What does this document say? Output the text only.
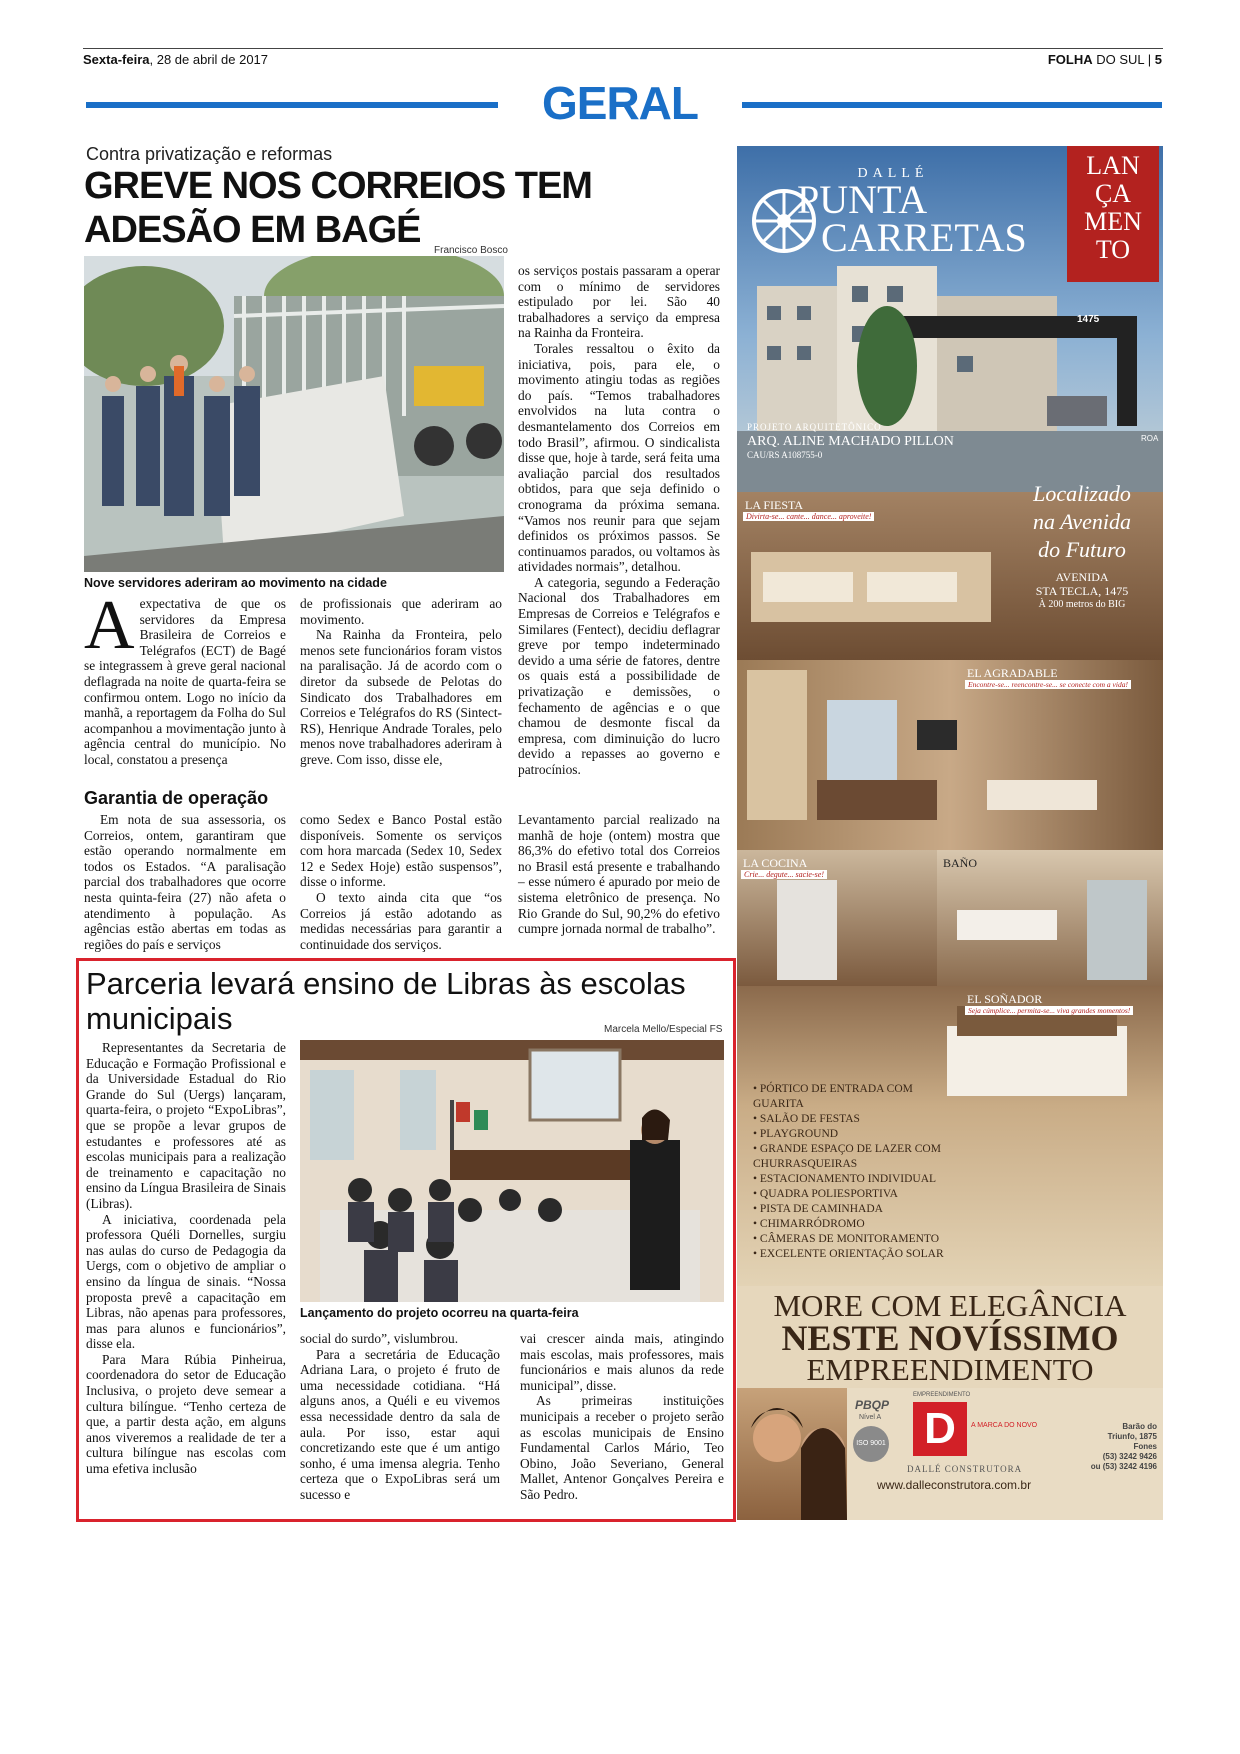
Sexta-feira, 28 de abril de 2017	FOLHA DO SUL | 5
GERAL
Contra privatização e reformas
GREVE NOS CORREIOS TEM ADESÃO EM BAGÉ	Francisco Bosco
Nove servidores aderiram ao movimento na cidade
Aexpectativa de que os servidores da Empresa Brasileira de Correios e Telégrafos (ECT) de Bagé se integrassem à greve geral nacional deflagrada na noite de quarta-feira se confirmou ontem. Logo no início da manhã, a reportagem da Folha do Sul acompanhou a movimentação junto à agência central do município. No local, constatou a presença
Garantia de operação

Em nota de sua assessoria, os Correios, ontem, garantiram que estão operando normalmente em todos os Estados. “A paralisação parcial dos trabalhadores que ocorre nesta quinta-feira (27) não afeta o atendimento à população. As agências estão abertas em todas as regiões do país e serviços

de profissionais que aderiram ao movimento.

Na Rainha da Fronteira, pelo menos sete funcionários foram vistos na paralisação. Já de acordo com o diretor da subsede de Pelotas do Sindicato dos Trabalhadores em Correios e Telégrafos do RS (Sintect-RS), Henrique Andrade Torales, pelo menos nove trabalhadores aderiram à greve. Com isso, disse ele,

como Sedex e Banco Postal estão disponíveis. Somente os serviços com hora marcada (Sedex 10, Sedex 12 e Sedex Hoje) estão suspensos”, disse o informe.

O texto ainda cita que “os Correios já estão adotando as medidas necessárias para garantir a continuidade dos serviços.

os serviços postais passaram a operar com o mínimo de servidores estipulado por lei. São 40 trabalhadores a serviço da empresa na Rainha da Fronteira.

Torales ressaltou o êxito da iniciativa, pois, para ele, o movimento atingiu todas as regiões do país. “Temos trabalhadores envolvidos na luta contra o desmantelamento dos Correios em todo Brasil”, afirmou. O sindicalista disse que, hoje à tarde, será feita uma avaliação parcial dos resultados obtidos, para que seja definido o cronograma da próxima semana. “Vamos nos reunir para que sejam definidos os próximos passos. Se continuamos parados, ou voltamos às atividades normais”, detalhou.

A categoria, segundo a Federação Nacional dos Trabalhadores em Empresas de Correios e Telégrafos e Similares (Fentect), decidiu deflagrar greve por tempo indeterminado devido a uma série de fatores, dentre os quais está a possibilidade de privatização e demissões, o fechamento de agências e o que chamou de desmonte fiscal da empresa, com diminuição do lucro devido a repasses ao governo e patrocínios.

Levantamento parcial realizado na manhã de hoje (ontem) mostra que 86,3% do efetivo total dos Correios no Brasil está presente e trabalhando – esse número é apurado por meio de sistema eletrônico de presença. No Rio Grande do Sul, 90,2% do efetivo cumpre jornada normal de trabalho”.

Parceria levará ensino de Libras às escolas municipais	Marcela Mello/Especial FS

Representantes da Secretaria de Educação e Formação Profissional e da Universidade Estadual do Rio Grande do Sul (Uergs) lançaram, quarta-feira, o projeto “ExpoLibras”, que se propõe a levar grupos de estudantes e professores até as escolas municipais para a realização de treinamento e capacitação no ensino da Língua Brasileira de Sinais (Libras).

A iniciativa, coordenada pela professora Quéli Dornelles, surgiu nas aulas do curso de Pedagogia da Uergs, com o objetivo de ampliar o ensino da língua de sinais. “Nossa proposta prevê a capacitação em Libras, não apenas para professores, mas para alunos e funcionários”, disse ela.

Para Mara Rúbia Pinheirua, coordenadora do setor de Educação Inclusiva, o projeto deve semear a cultura bilíngue. “Tenho certeza de que, a partir desta ação, em alguns anos viveremos a realidade de ter a cultura bilíngue nas escolas com uma efetiva inclusão

Lançamento do projeto ocorreu na quarta-feira

social do surdo”, vislumbrou.

Para a secretária de Educação Adriana Lara, o projeto é fruto de uma necessidade cotidiana. “Há alguns anos, a Quéli e eu vivemos essa necessidade dentro da sala de aula. Por isso, estar aqui concretizando este que é um antigo sonho, é uma imensa alegria. Tenho certeza que o ExpoLibras será um sucesso e

vai crescer ainda mais, atingindo mais escolas, mais professores, mais funcionários e mais alunos da rede municipal”, disse.

As primeiras instituições municipais a receber o projeto serão as escolas municipais de Ensino Fundamental Carlos Mário, Teo Obino, João Severiano, General Mallet, Antenor Gonçalves Pereira e São Pedro.

DALLÉ
PUNTA
CARRETAS
LAN
ÇA
MEN
TO
1475
PROJETO ARQUITETÔNICO
ARQ. ALINE MACHADO PILLON
CAU/RS A108755-0
ROA
LA FIESTA
Divirta-se... cante... dance... aproveite!
Localizado
na Avenida
do Futuro
AVENIDA
STA TECLA, 1475
À 200 metros do BIG
EL AGRADABLE
Encontre-se... reencontre-se... se conecte com a vida!
LA COCINA
Crie... degute... sacie-se!
BAÑO
EL SOÑADOR
Seja cúmplice... permita-se... viva grandes momentos!
• PÓRTICO DE ENTRADA COM GUARITA
• SALÃO DE FESTAS
• PLAYGROUND
• GRANDE ESPAÇO DE LAZER COM CHURRASQUEIRAS
• ESTACIONAMENTO INDIVIDUAL
• QUADRA POLIESPORTIVA
• PISTA DE CAMINHADA
• CHIMARRÓDROMO
• CÂMERAS DE MONITORAMENTO
• EXCELENTE ORIENTAÇÃO SOLAR
MORE COM ELEGÂNCIA
NESTE NOVÍSSIMO
EMPREENDIMENTO
PBQP
Nível A
ISO 9001
EMPREENDIMENTO
D	A MARCA DO NOVO
DALLÉ CONSTRUTORA
www.dalleconstrutora.com.br
Barão do
Triunfo, 1875
Fones
(53) 3242 9426
ou (53) 3242 4196
